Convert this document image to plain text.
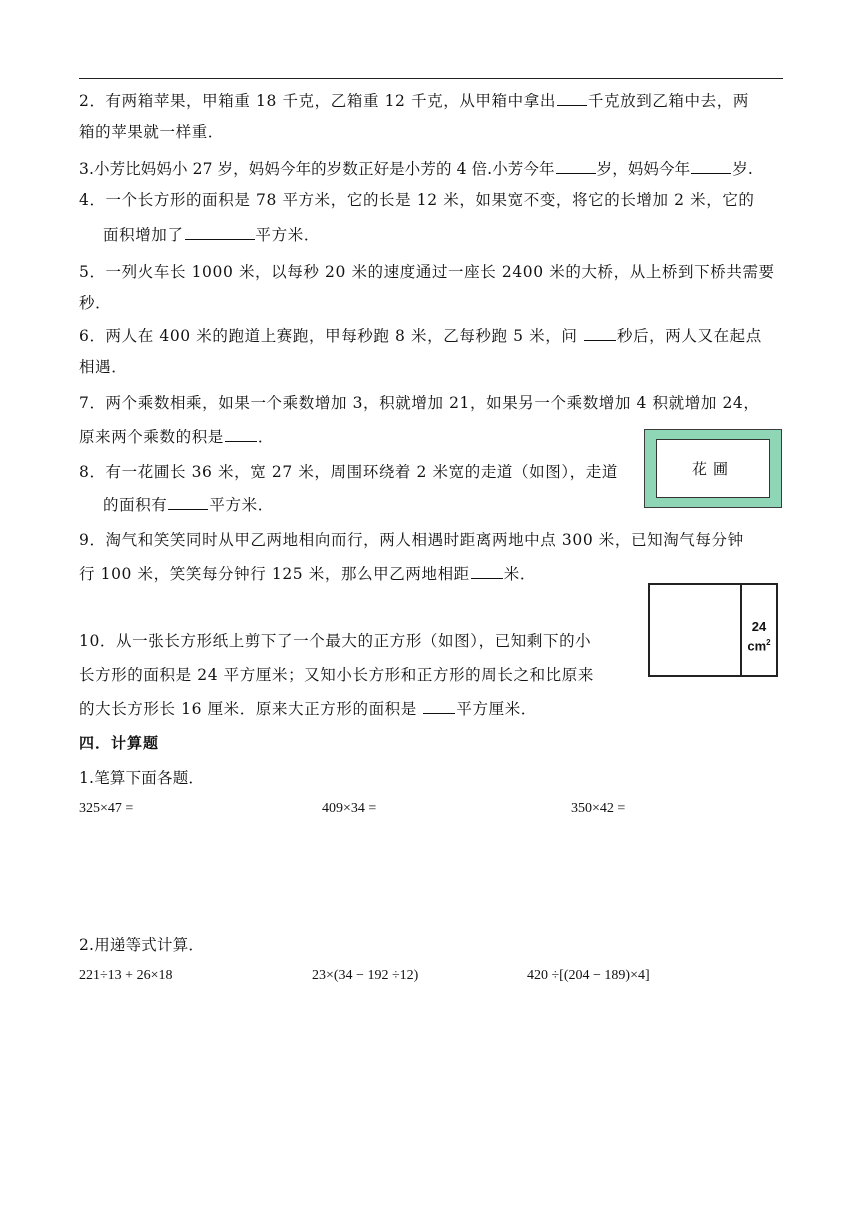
2．有两箱苹果，甲箱重 18 千克，乙箱重 12 千克，从甲箱中拿出 千克放到乙箱中去，两
箱的苹果就一样重．
3.小芳比妈妈小 27 岁，妈妈今年的岁数正好是小芳的 4 倍.小芳今年	岁，妈妈今年	岁.
4．一个长方形的面积是 78 平方米，它的长是 12 米，如果宽不变，将它的长增加 2 米，它的
面积增加了	平方米．
5．一列火车长 1000 米，以每秒 20 米的速度通过一座长 2400 米的大桥，从上桥到下桥共需要
秒．
6．两人在 400 米的跑道上赛跑，甲每秒跑 8 米，乙每秒跑 5 米，问 秒后，两人又在起点
相遇．
7．两个乘数相乘，如果一个乘数增加 3，积就增加 21，如果另一个乘数增加 4 积就增加 24，
原来两个乘数的积是 ．
8．有一花圃长 36 米，宽 27 米，周围环绕着 2 米宽的走道（如图），走道
的面积有	平方米．
花圃
9．淘气和笑笑同时从甲乙两地相向而行，两人相遇时距离两地中点 300 米，已知淘气每分钟
行 100 米，笑笑每分钟行 125 米，那么甲乙两地相距 米．
10．从一张长方形纸上剪下了一个最大的正方形（如图），已知剩下的小
长方形的面积是 24 平方厘米；又知小长方形和正方形的周长之和比原来
的大长方形长 16 厘米．原来大正方形的面积是 平方厘米．
24
$cm^2$
四．计算题
1.笔算下面各题．
325×47 =	409×34 =	350×42 =
2.用递等式计算．
221÷13 + 26×18	23×(34 − 192 ÷12)	420 ÷[(204 − 189)×4]
